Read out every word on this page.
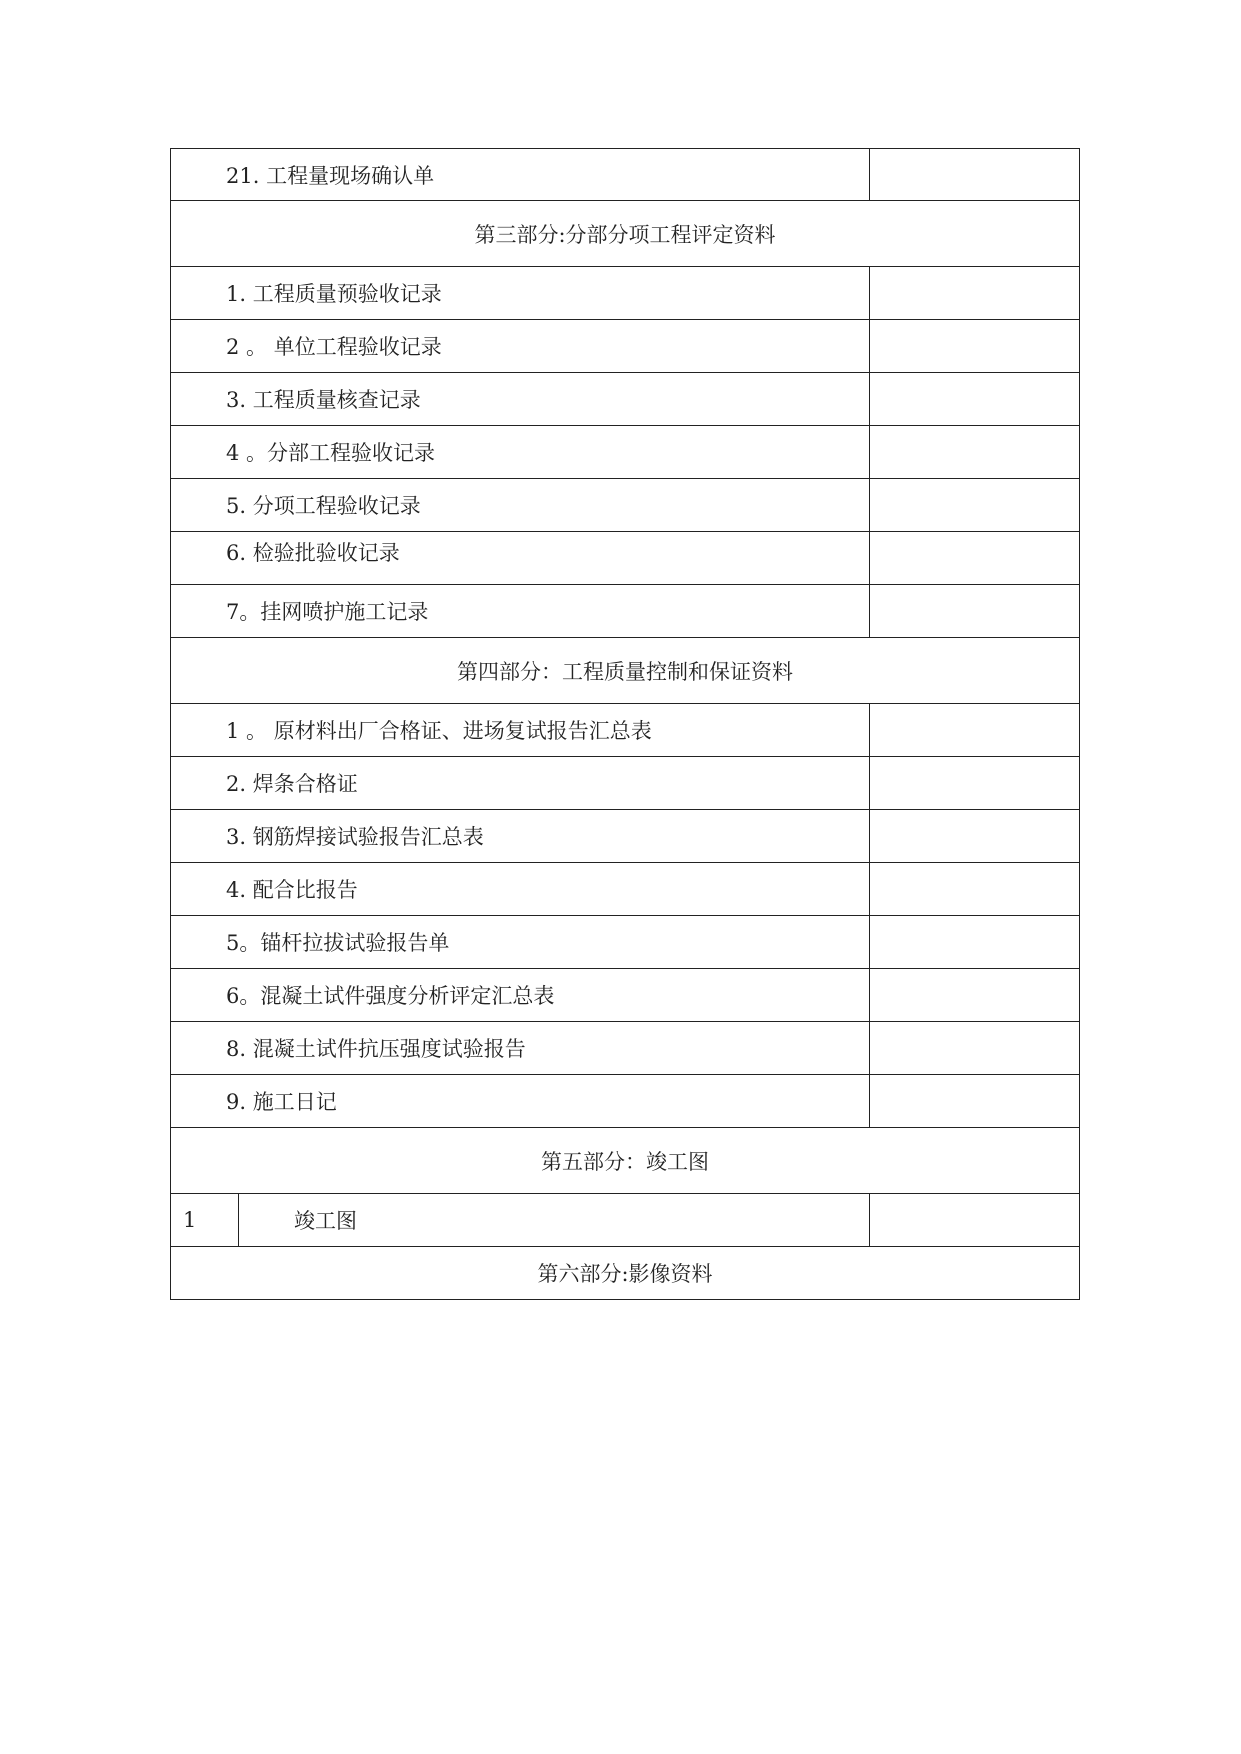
21. 工程量现场确认单
第三部分:分部分项工程评定资料
1. 工程质量预验收记录
2 。 单位工程验收记录
3. 工程质量核查记录
4 。分部工程验收记录
5. 分项工程验收记录
6. 检验批验收记录
7。挂网喷护施工记录
第四部分：工程质量控制和保证资料
1 。 原材料出厂合格证、进场复试报告汇总表
2. 焊条合格证
3. 钢筋焊接试验报告汇总表
4. 配合比报告
5。锚杆拉拔试验报告单
6。混凝土试件强度分析评定汇总表
8. 混凝土试件抗压强度试验报告
9. 施工日记
第五部分：竣工图
1	竣工图
第六部分:影像资料
